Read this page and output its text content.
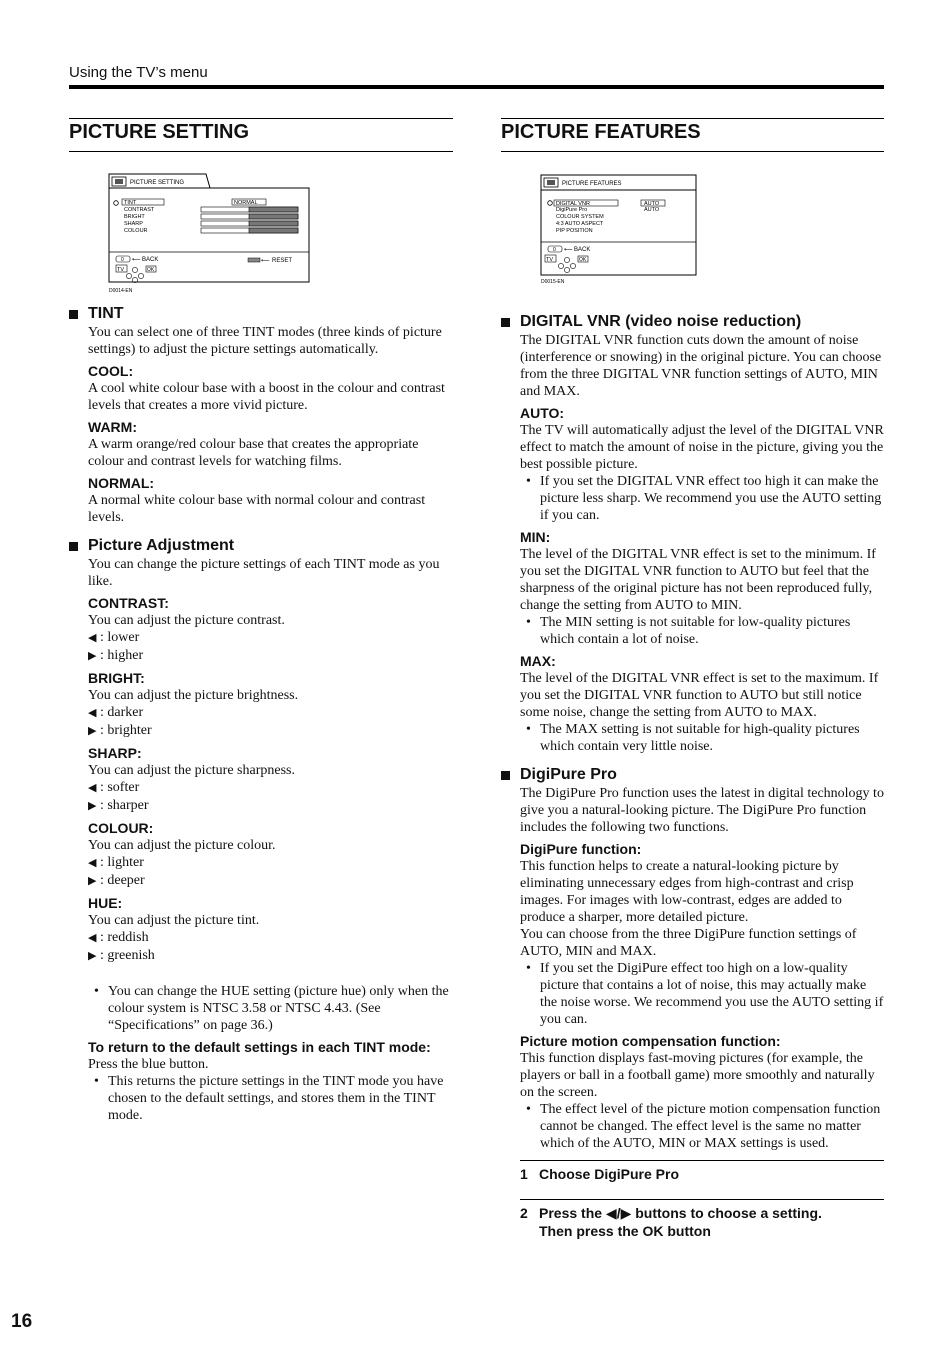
Using the TV’s menu
PICTURE SETTING
PICTURE SETTING
TINT
CONTRAST
BRIGHT
SHARP
COLOUR
NORMAL
0 ⟵ BACK
TV	OK
⟵ RESET
D0014-EN
TINT
You can select one of three TINT modes (three kinds of picture settings) to adjust the picture settings automatically.
COOL:
A cool white colour base with a boost in the colour and contrast levels that creates a more vivid picture.
WARM:
A warm orange/red colour base that creates the appropriate colour and contrast levels for watching films.
NORMAL:
A normal white colour base with normal colour and contrast levels.
Picture Adjustment
You can change the picture settings of each TINT mode as you like.
CONTRAST:
You can adjust the picture contrast.
◀ : lower
▶ : higher
BRIGHT:
You can adjust the picture brightness.
◀ : darker
▶ : brighter
SHARP:
You can adjust the picture sharpness.
◀ : softer
▶ : sharper
COLOUR:
You can adjust the picture colour.
◀ : lighter
▶ : deeper
HUE:
You can adjust the picture tint.
◀ : reddish
▶ : greenish
• You can change the HUE setting (picture hue) only when the colour system is NTSC 3.58 or NTSC 4.43. (See “Specifications” on page 36.)
To return to the default settings in each TINT mode:
Press the blue button.
• This returns the picture settings in the TINT mode you have chosen to the default settings, and stores them in the TINT mode.
PICTURE FEATURES
PICTURE FEATURES
DIGITAL VNR
DigiPure Pro
COLOUR SYSTEM
4:3 AUTO ASPECT
PIP POSITION
AUTO
AUTO
0 ⟵ BACK
TV	OK
D0015-EN
DIGITAL VNR (video noise reduction)
The DIGITAL VNR function cuts down the amount of noise (interference or snowing) in the original picture. You can choose from the three DIGITAL VNR function settings of AUTO, MIN and MAX.
AUTO:
The TV will automatically adjust the level of the DIGITAL VNR effect to match the amount of noise in the picture, giving you the best possible picture.
• If you set the DIGITAL VNR effect too high it can make the picture less sharp. We recommend you use the AUTO setting if you can.
MIN:
The level of the DIGITAL VNR effect is set to the minimum. If you set the DIGITAL VNR function to AUTO but feel that the sharpness of the original picture has not been reproduced fully, change the setting from AUTO to MIN.
• The MIN setting is not suitable for low-quality pictures which contain a lot of noise.
MAX:
The level of the DIGITAL VNR effect is set to the maximum. If you set the DIGITAL VNR function to AUTO but still notice some noise, change the setting from AUTO to MAX.
• The MAX setting is not suitable for high-quality pictures which contain very little noise.
DigiPure Pro
The DigiPure Pro function uses the latest in digital technology to give you a natural-looking picture. The DigiPure Pro function includes the following two functions.
DigiPure function:
This function helps to create a natural-looking picture by eliminating unnecessary edges from high-contrast and crisp images. For images with low-contrast, edges are added to produce a sharper, more detailed picture.
You can choose from the three DigiPure function settings of AUTO, MIN and MAX.
• If you set the DigiPure effect too high on a low-quality picture that contains a lot of noise, this may actually make the noise worse. We recommend you use the AUTO setting if you can.
Picture motion compensation function:
This function displays fast-moving pictures (for example, the players or ball in a football game) more smoothly and naturally on the screen.
• The effect level of the picture motion compensation function cannot be changed. The effect level is the same no matter which of the AUTO, MIN or MAX settings is used.
1 Choose DigiPure Pro
2 Press the ◀/▶ buttons to choose a setting.
Then press the OK button
16
